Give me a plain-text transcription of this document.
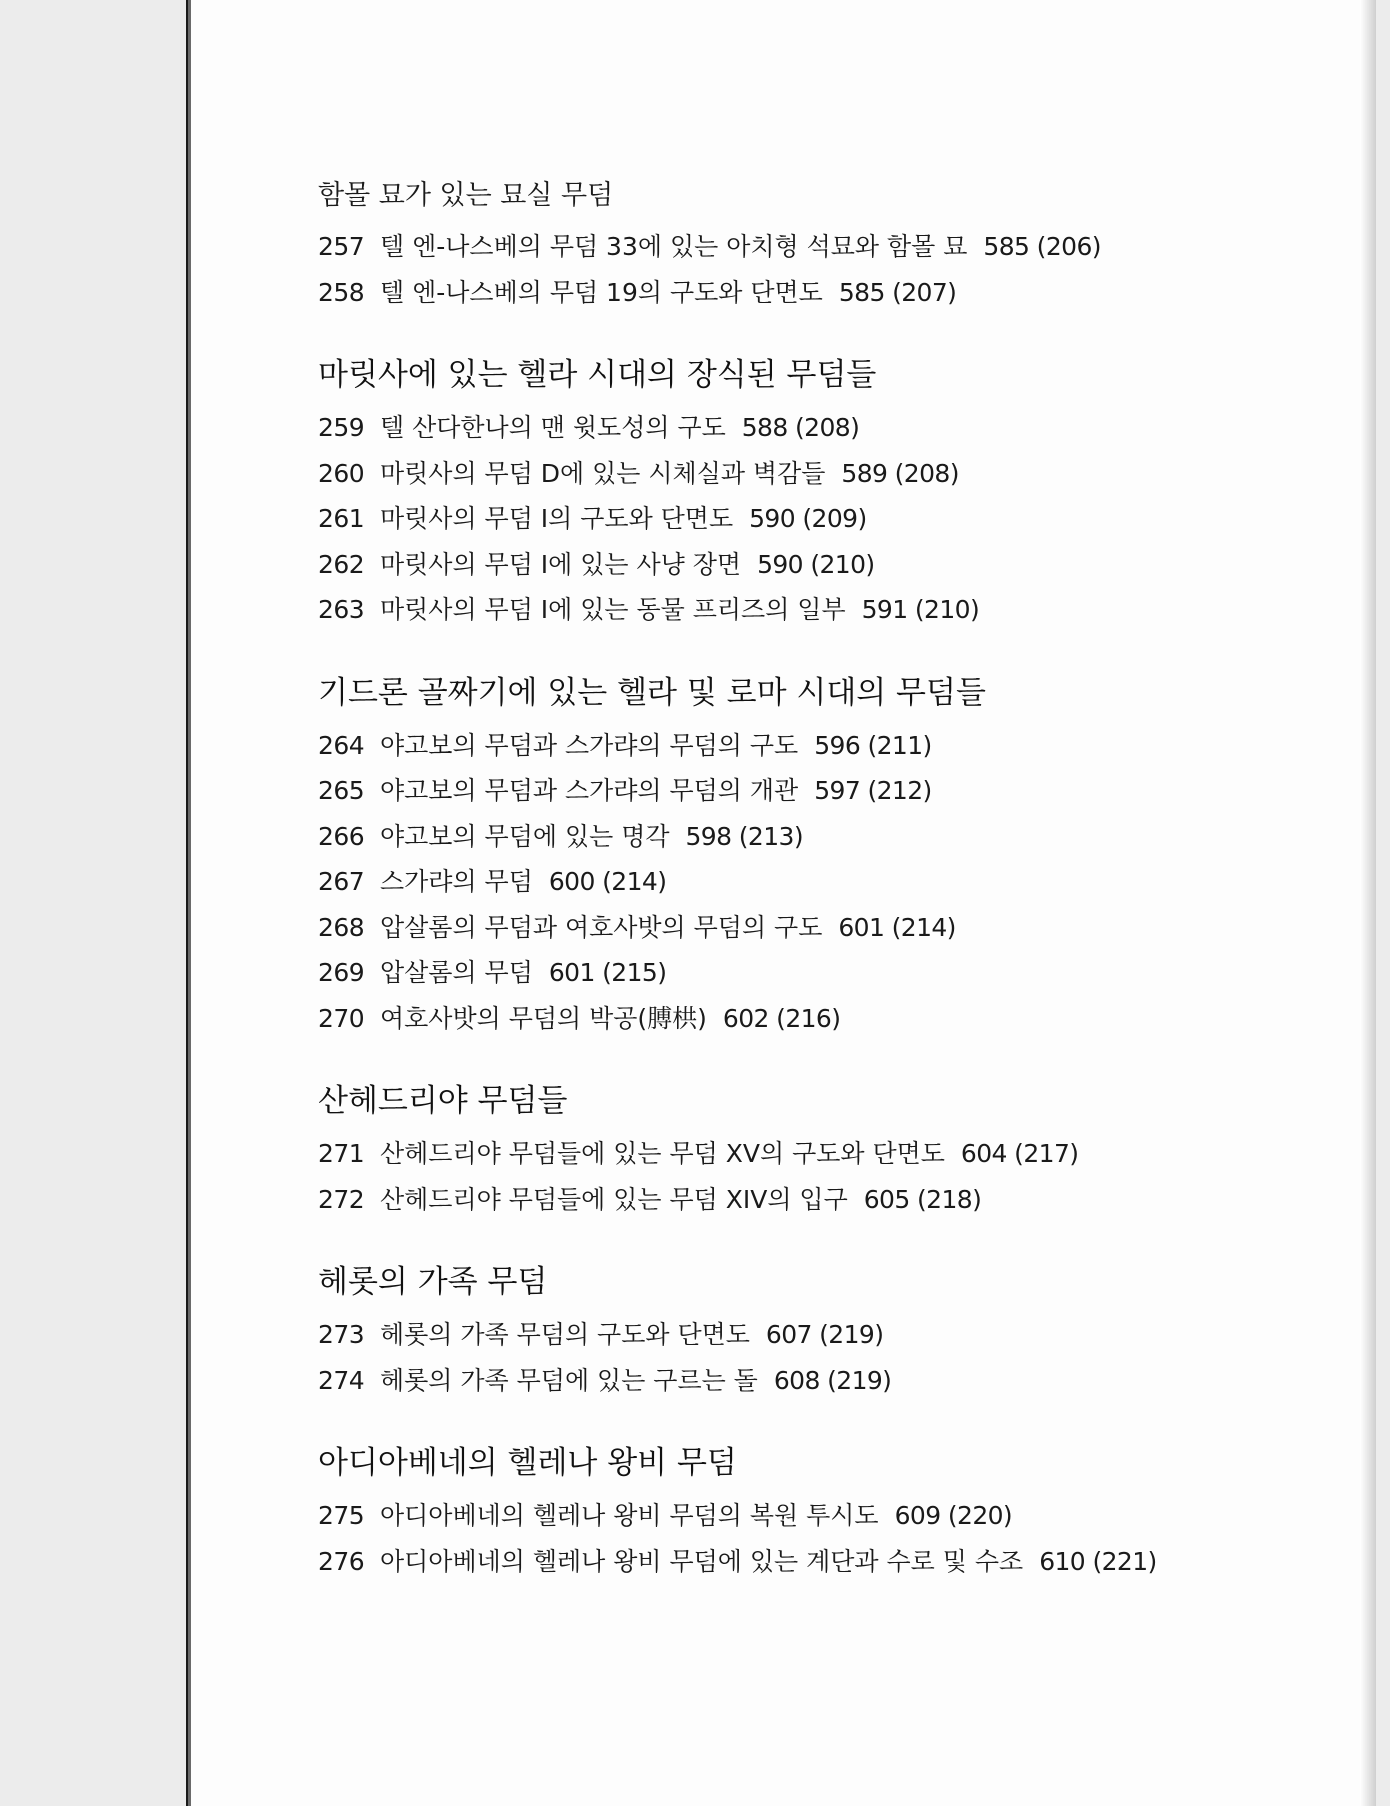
함몰 묘가 있는 묘실 무덤
257 텔 엔-나스베의 무덤 33에 있는 아치형 석묘와 함몰 묘 585 (206)
258 텔 엔-나스베의 무덤 19의 구도와 단면도 585 (207)
마릿사에 있는 헬라 시대의 장식된 무덤들
259 텔 산다한나의 맨 윗도성의 구도 588 (208)
260 마릿사의 무덤 D에 있는 시체실과 벽감들 589 (208)
261 마릿사의 무덤 I의 구도와 단면도 590 (209)
262 마릿사의 무덤 I에 있는 사냥 장면 590 (210)
263 마릿사의 무덤 I에 있는 동물 프리즈의 일부 591 (210)
기드론 골짜기에 있는 헬라 및 로마 시대의 무덤들
264 야고보의 무덤과 스가랴의 무덤의 구도 596 (211)
265 야고보의 무덤과 스가랴의 무덤의 개관 597 (212)
266 야고보의 무덤에 있는 명각 598 (213)
267 스가랴의 무덤 600 (214)
268 압살롬의 무덤과 여호사밧의 무덤의 구도 601 (214)
269 압살롬의 무덤 601 (215)
270 여호사밧의 무덤의 박공(膊栱) 602 (216)
산헤드리야 무덤들
271 산헤드리야 무덤들에 있는 무덤 XV의 구도와 단면도 604 (217)
272 산헤드리야 무덤들에 있는 무덤 XIV의 입구 605 (218)
헤롯의 가족 무덤
273 헤롯의 가족 무덤의 구도와 단면도 607 (219)
274 헤롯의 가족 무덤에 있는 구르는 돌 608 (219)
아디아베네의 헬레나 왕비 무덤
275 아디아베네의 헬레나 왕비 무덤의 복원 투시도 609 (220)
276 아디아베네의 헬레나 왕비 무덤에 있는 계단과 수로 및 수조 610 (221)
